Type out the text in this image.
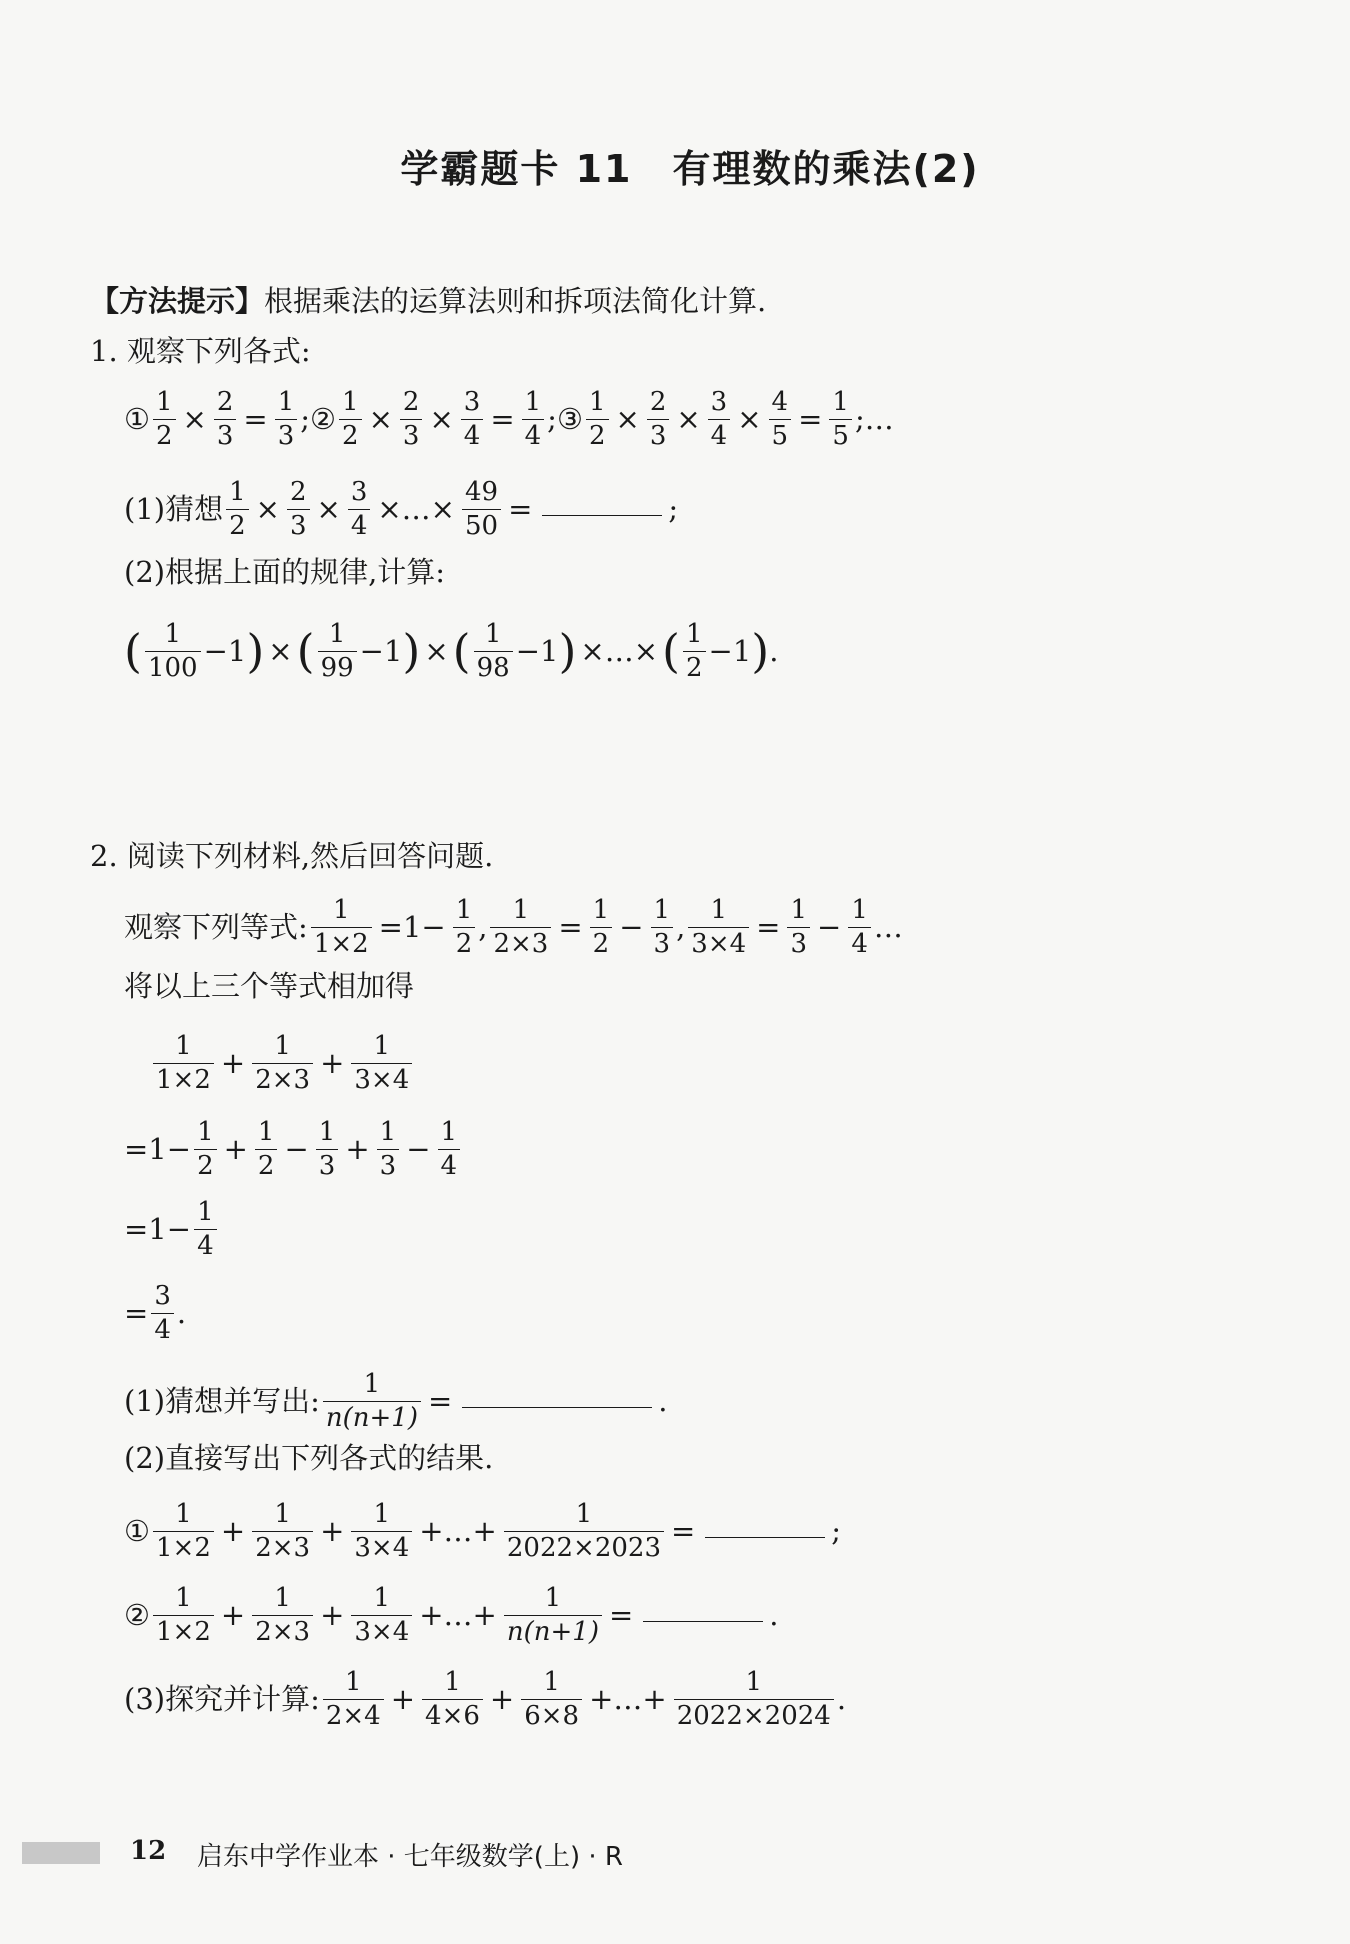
学霸题卡 11　有理数的乘法(2)
【方法提示】 根据乘法的运算法则和拆项法简化计算.
1. 观察下列各式:
① $\frac{1}{2} \times \frac{2}{3} = \frac{1}{3}$ ; ② $\frac{1}{2} \times \frac{2}{3} \times \frac{3}{4} = \frac{1}{4}$ ; ③ $\frac{1}{2} \times \frac{2}{3} \times \frac{3}{4} \times \frac{4}{5} = \frac{1}{5}$ ;…
(1)猜想 $\frac{1}{2} \times \frac{2}{3} \times \frac{3}{4}$ ×…× $\frac{49}{50}$ =	;
(2)根据上面的规律,计算:
( $\frac{1}{100} -1$ ) × ( $\frac{1}{99} -1$ ) × ( $\frac{1}{98} -1$ ) ×…× ( $\frac{1}{2} -1$ ) .
2. 阅读下列材料,然后回答问题.
观察下列等式: $\frac{1}{1\times 2} =1- \frac{1}{2}$ , $\frac{1}{2\times 3} = \frac{1}{2} - \frac{1}{3}$ , $\frac{1}{3\times 4} = \frac{1}{3} - \frac{1}{4}$ …
将以上三个等式相加得
$\frac{1}{1\times 2} + \frac{1}{2\times 3} + \frac{1}{3\times 4}$
$=1- \frac{1}{2} + \frac{1}{2} - \frac{1}{3} + \frac{1}{3} - \frac{1}{4}$
$=1- \frac{1}{4}$
= $\frac{3}{4}$ .
(1)猜想并写出: $\frac{1}{n(n+1)}$ =	.
(2)直接写出下列各式的结果.
① $\frac{1}{1\times 2} + \frac{1}{2\times 3} + \frac{1}{3\times 4}$ +…+ $\frac{1}{2022\times 2023}$ =	;
② $\frac{1}{1\times 2} + \frac{1}{2\times 3} + \frac{1}{3\times 4}$ +…+ $\frac{1}{n(n+1)}$ =	.
(3)探究并计算: $\frac{1}{2\times 4} + \frac{1}{4\times 6} + \frac{1}{6\times 8}$ +…+ $\frac{1}{2022\times 2024}$ .
12 启东中学作业本 · 七年级数学(上) · R
